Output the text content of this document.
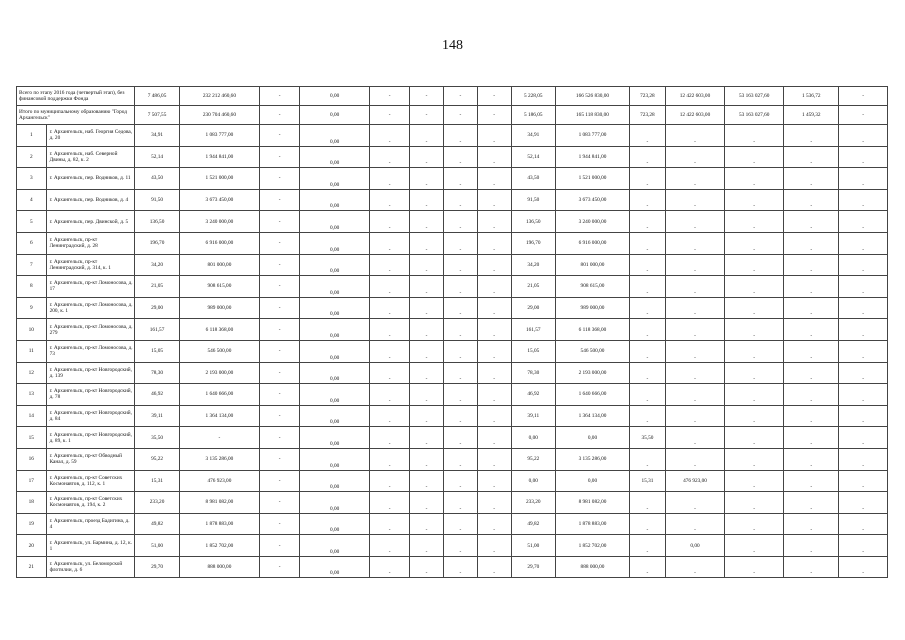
148
Всего по этапу 2016 года (четвертый этап), без финансовой поддержки Фонда		7 486,05	232 212 460,60	-	0,00	-	-	-	-	5 228,05	166 526 830,00	723,28	12 422 603,00	53 163 027,60	1 536,72	-
Итого по муниципальному образованию "Город Архангельск"		7 507,55	230 704 460,60	-	0,00	-	-	-	-	5 186,05	165 118 830,00	723,28	12 422 603,00	53 163 027,60	1 459,32	-
1	г. Архангельск, наб. Георгия Седова, д. 20	34,91	1 083 777,00	-	0,00	-	-	-	-	34,91	1 083 777,00	-	-	-	-	-
2	г. Архангельск, наб. Северной Двины, д. 82, к. 2	52,14	1 944 841,00	-	0,00	-	-	-	-	52,14	1 944 841,00	-	-	-	-	-
3	г. Архангельск, пер. Водников, д. 11	43,50	1 521 000,00	-	0,00	-	-	-	-	43,50	1 521 000,00	-	-	-	-	-
4	г. Архангельск, пер. Водников, д. 4	91,50	3 673 450,00	-	0,00	-	-	-	-	91,50	3 673 450,00	-	-	-	-	-
5	г. Архангельск, пер. Двинской, д. 5	136,50	3 240 000,00	-	0,00	-	-	-	-	136,50	3 240 000,00	-	-	-	-	-
6	г. Архангельск, пр-кт Ленинградский, д. 28	196,70	6 916 000,00	-	0,00	-	-	-	-	196,70	6 916 000,00	-	-	-	-	-
7	г. Архангельск, пр-кт Ленинградский, д. 314, к. 1	34,20	801 000,00	-	0,00	-	-	-	-	34,20	801 000,00	-	-	-	-	-
8	г. Архангельск, пр-кт Ломоносова, д. 17	21,05	908 615,00	-	0,00	-	-	-	-	21,05	908 615,00	-	-	-	-	-
9	г. Архангельск, пр-кт Ломоносова, д. 200, к. 1	29,00	989 000,00	-	0,00	-	-	-	-	29,00	989 000,00	-	-	-	-	-
10	г. Архангельск, пр-кт Ломоносова, д. 279	161,57	6 118 368,00	-	0,00	-	-	-	-	161,57	6 118 368,00	-	-	-	-	-
11	г. Архангельск, пр-кт Ломоносова, д. 73	15,05	546 500,00	-	0,00	-	-	-	-	15,05	546 500,00	-	-	-	-	-
12	г. Архангельск, пр-кт Новгородский, д. 139	78,30	2 193 000,00	-	0,00	-	-	-	-	78,30	2 193 000,00	-	-	-	-	-
13	г. Архангельск, пр-кт Новгородский, д. 78	46,92	1 640 666,00	-	0,00	-	-	-	-	46,92	1 640 666,00	-	-	-	-	-
14	г. Архангельск, пр-кт Новгородский, д. 84	39,11	1 364 134,00	-	0,00	-	-	-	-	39,11	1 364 134,00	-	-	-	-	-
15	г. Архангельск, пр-кт Новгородский, д. 89, к. 1	35,50	-	-	0,00	-	-	-	-	0,00	0,00	35,50	-	-	-	-
16	г. Архангельск, пр-кт Обводный Канал, д. 59	95,22	3 135 286,00	-	0,00	-	-	-	-	95,22	3 135 286,00	-	-	-	-	-
17	г. Архангельск, пр-кт Советских Космонавтов, д. 112, к. 1	15,31	476 923,00	-	0,00	-	-	-	-	0,00	0,00	15,31	476 923,00	-	-	-
18	г. Архангельск, пр-кт Советских Космонавтов, д. 194, к. 2	233,20	8 981 082,00	-	0,00	-	-	-	-	233,20	8 981 082,00	-	-	-	-	-
19	г. Архангельск, проезд Бадигина, д. 4	49,82	1 878 883,00	-	0,00	-	-	-	-	49,82	1 878 883,00	-	-	-	-	-
20	г. Архангельск, ул. Бармина, д. 12, к. 1	51,00	1 852 702,00	-	0,00	-	-	-	-	51,00	1 852 702,00	-	0,00	-	-	-
21	г. Архангельск, ул. Беломорской флотилии, д. 6	29,70	888 000,00	-	0,00	-	-	-	-	29,70	888 000,00	-	-	-	-	-
